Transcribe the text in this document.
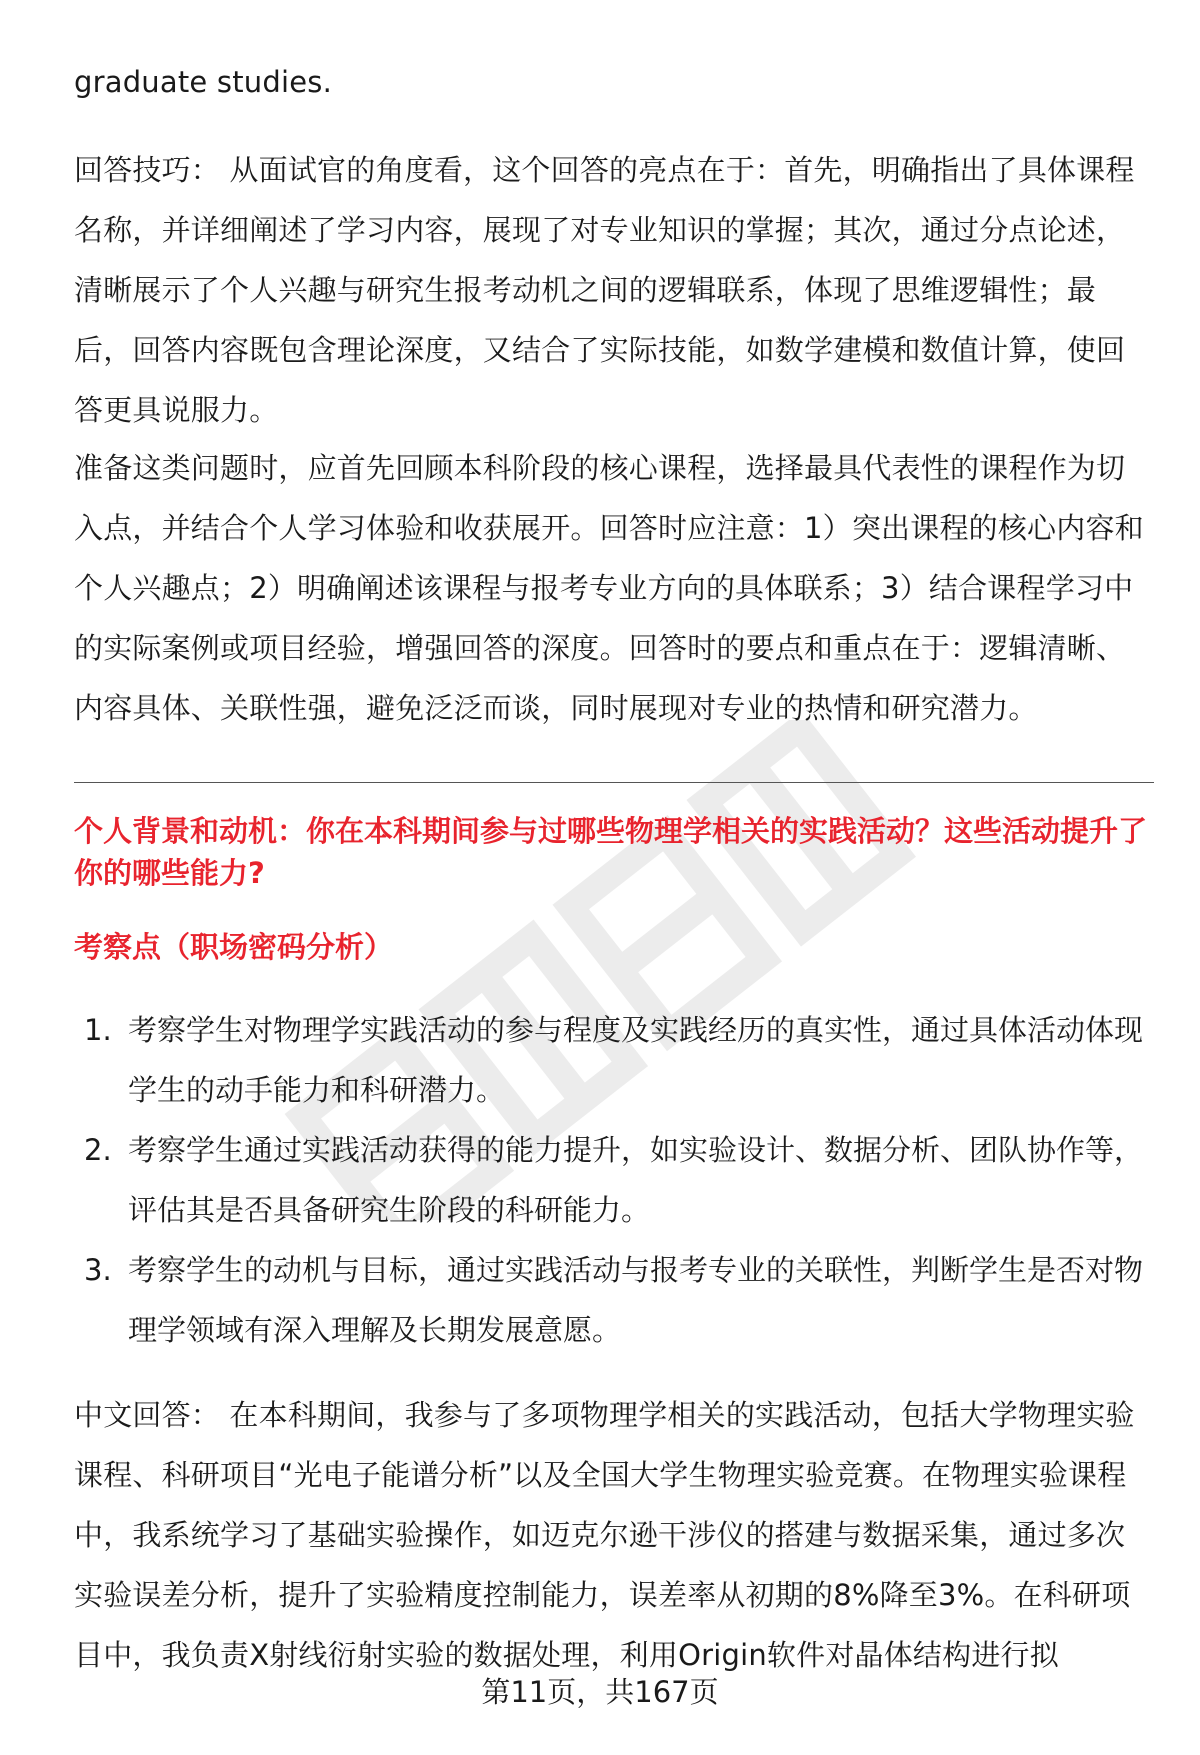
graduate studies.

回答技巧： 从面试官的角度看，这个回答的亮点在于：首先，明确指出了具体课程名称，并详细阐述了学习内容，展现了对专业知识的掌握；其次，通过分点论述，清晰展示了个人兴趣与研究生报考动机之间的逻辑联系，体现了思维逻辑性；最后，回答内容既包含理论深度，又结合了实际技能，如数学建模和数值计算，使回答更具说服力。

准备这类问题时，应首先回顾本科阶段的核心课程，选择最具代表性的课程作为切入点，并结合个人学习体验和收获展开。回答时应注意：1）突出课程的核心内容和个人兴趣点；2）明确阐述该课程与报考专业方向的具体联系；3）结合课程学习中的实际案例或项目经验，增强回答的深度。回答时的要点和重点在于：逻辑清晰、内容具体、关联性强，避免泛泛而谈，同时展现对专业的热情和研究潜力。

个人背景和动机：你在本科期间参与过哪些物理学相关的实践活动？这些活动提升了你的哪些能力?

考察点（职场密码分析）

1. 考察学生对物理学实践活动的参与程度及实践经历的真实性，通过具体活动体现学生的动手能力和科研潜力。
2. 考察学生通过实践活动获得的能力提升，如实验设计、数据分析、团队协作等，评估其是否具备研究生阶段的科研能力。
3. 考察学生的动机与目标，通过实践活动与报考专业的关联性，判断学生是否对物理学领域有深入理解及长期发展意愿。

中文回答： 在本科期间，我参与了多项物理学相关的实践活动，包括大学物理实验课程、科研项目“光电子能谱分析”以及全国大学生物理实验竞赛。在物理实验课程中，我系统学习了基础实验操作，如迈克尔逊干涉仪的搭建与数据采集，通过多次实验误差分析，提升了实验精度控制能力，误差率从初期的8%降至3%。在科研项目中，我负责X射线衍射实验的数据处理，利用Origin软件对晶体结构进行拟

第11页，共167页
